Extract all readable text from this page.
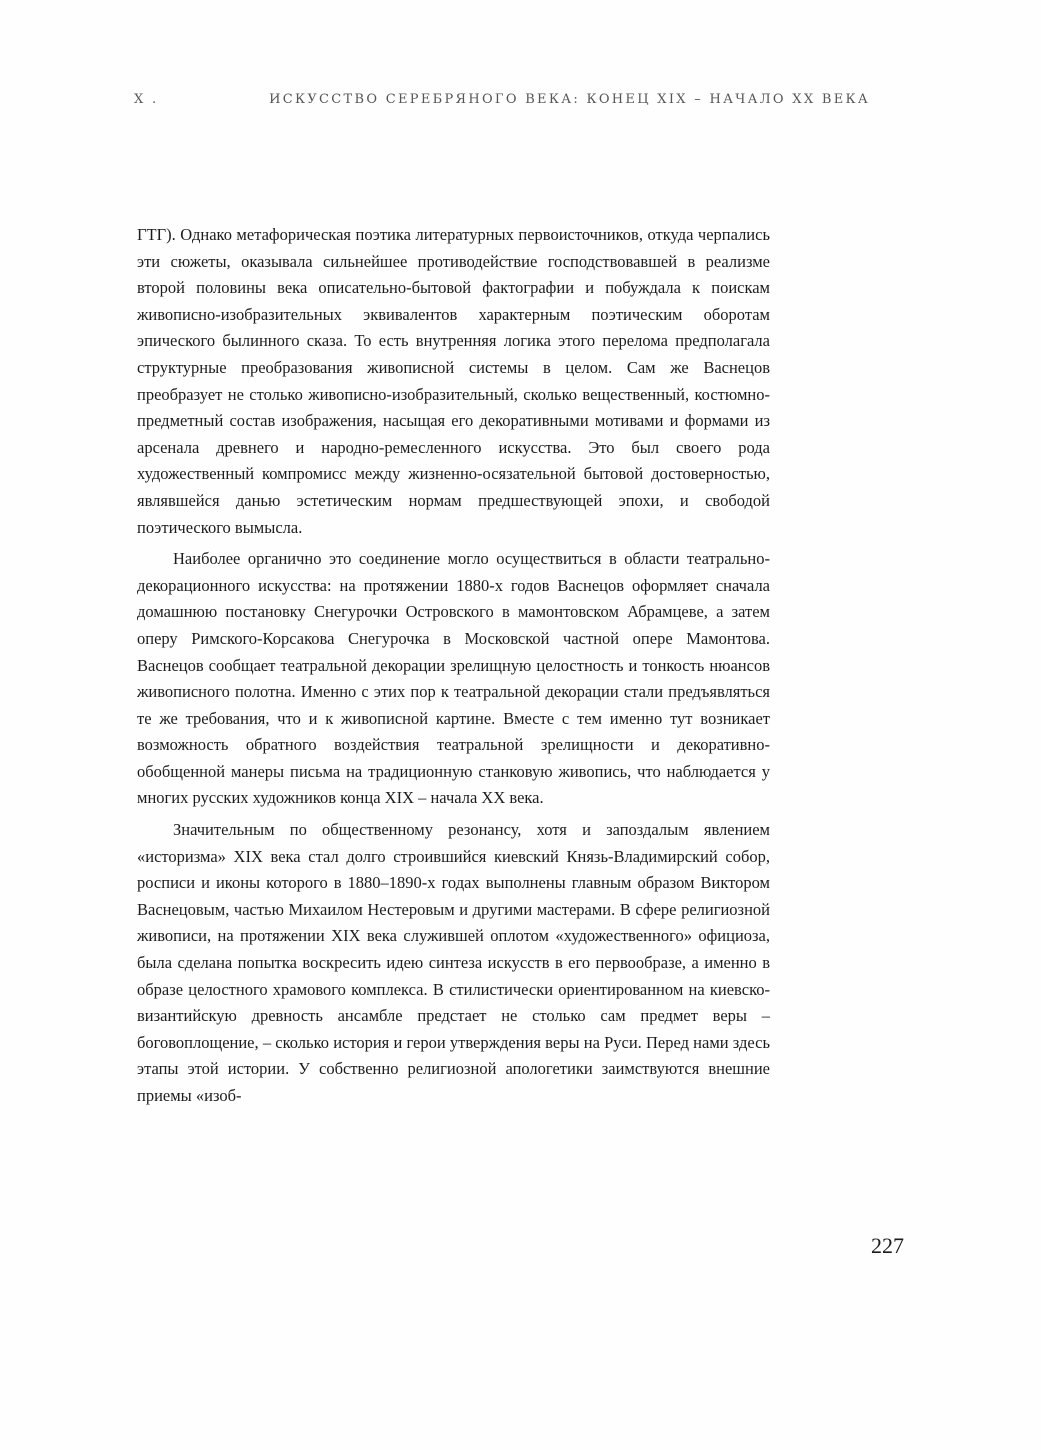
X .	ИСКУССТВО СЕРЕБРЯНОГО ВЕКА: КОНЕЦ XIX – НАЧАЛО XX ВЕКА

ГТГ). Однако метафорическая поэтика литературных первоисточников, откуда черпались эти сюжеты, оказывала сильнейшее противодействие господствовавшей в реализме второй половины века описательно-бытовой фактографии и побуждала к поискам живописно-изобразительных эквивалентов характерным поэтическим оборотам эпического былинного сказа. То есть внутренняя логика этого перелома предполагала структурные преобразования живописной системы в целом. Сам же Васнецов преобразует не столько живописно-изобразительный, сколько вещественный, костюмно-предметный состав изображения, насыщая его декоративными мотивами и формами из арсенала древнего и народно-ремесленного искусства. Это был своего рода художественный компромисс между жизненно-осязательной бытовой достоверностью, являвшейся данью эстетическим нормам предшествующей эпохи, и свободой поэтического вымысла.

Наиболее органично это соединение могло осуществиться в области театрально-декорационного искусства: на протяжении 1880-х годов Васнецов оформляет сначала домашнюю постановку Снегурочки Островского в мамонтовском Абрамцеве, а затем оперу Римского-Корсакова Снегурочка в Московской частной опере Мамонтова. Васнецов сообщает театральной декорации зрелищную целостность и тонкость нюансов живописного полотна. Именно с этих пор к театральной декорации стали предъявляться те же требования, что и к живописной картине. Вместе с тем именно тут возникает возможность обратного воздействия театральной зрелищности и декоративно-обобщенной манеры письма на традиционную станковую живопись, что наблюдается у многих русских художников конца XIX – начала XX века.

Значительным по общественному резонансу, хотя и запоздалым явлением «историзма» XIX века стал долго строившийся киевский Князь-Владимирский собор, росписи и иконы которого в 1880–1890-х годах выполнены главным образом Виктором Васнецовым, частью Михаилом Нестеровым и другими мастерами. В сфере религиозной живописи, на протяжении XIX века служившей оплотом «художественного» официоза, была сделана попытка воскресить идею синтеза искусств в его первообразе, а именно в образе целостного храмового комплекса. В стилистически ориентированном на киевско-византийскую древность ансамбле предстает не столько сам предмет веры – боговоплощение, – сколько история и герои утверждения веры на Руси. Перед нами здесь этапы этой истории. У собственно религиозной апологетики заимствуются внешние приемы «изоб-

227
